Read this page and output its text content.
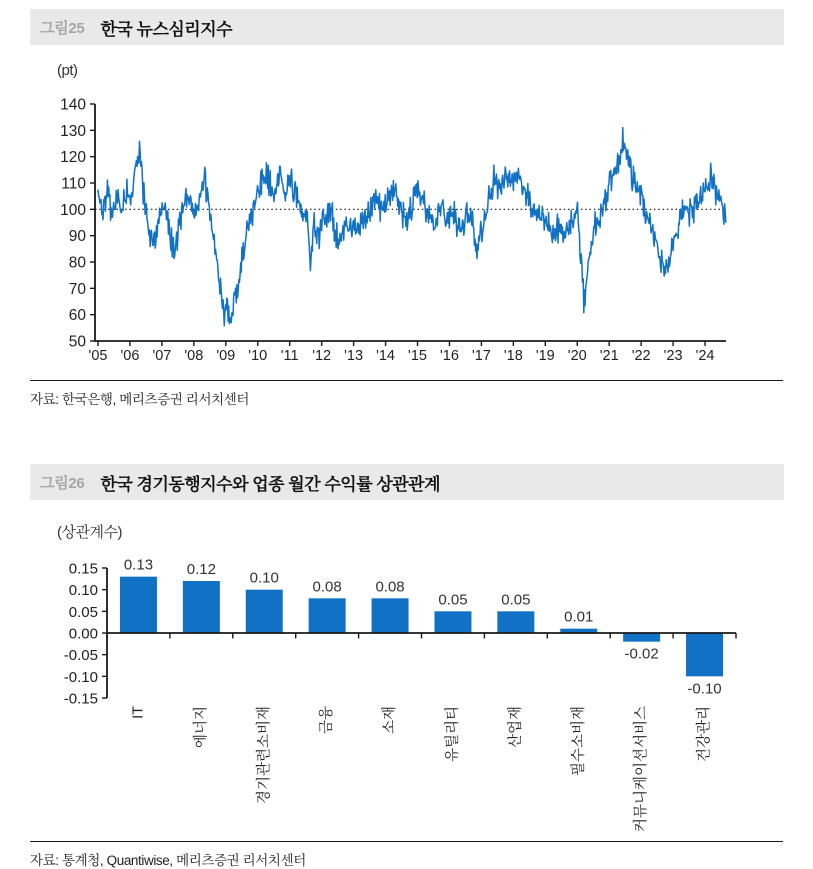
그림25 한국 뉴스심리지수
(pt)
140
130
120
110
100
90
80
70
60
50
'05 '06 '07 '08 '09 '10 '11 '12 '13 '14 '15 '16 '17 '18 '19 '20 '21 '22 '23 '24
자료: 한국은행, 메리츠증권 리서치센터
그림26 한국 경기동행지수와 업종 월간 수익률 상관관계
(상관계수)
0.15
0.10
0.05
0.00
-0.05
-0.10
-0.15
0.13 0.12
0.10
0.08 0.08
0.05 0.05
0.01
-0.02
-0.10
IT	에너지	경기관련소비재	금융	소재	유틸리티	산업재	필수소비재	커뮤니케이션서비스	건강관리
자료: 통계청, Quantiwise, 메리츠증권 리서치센터
